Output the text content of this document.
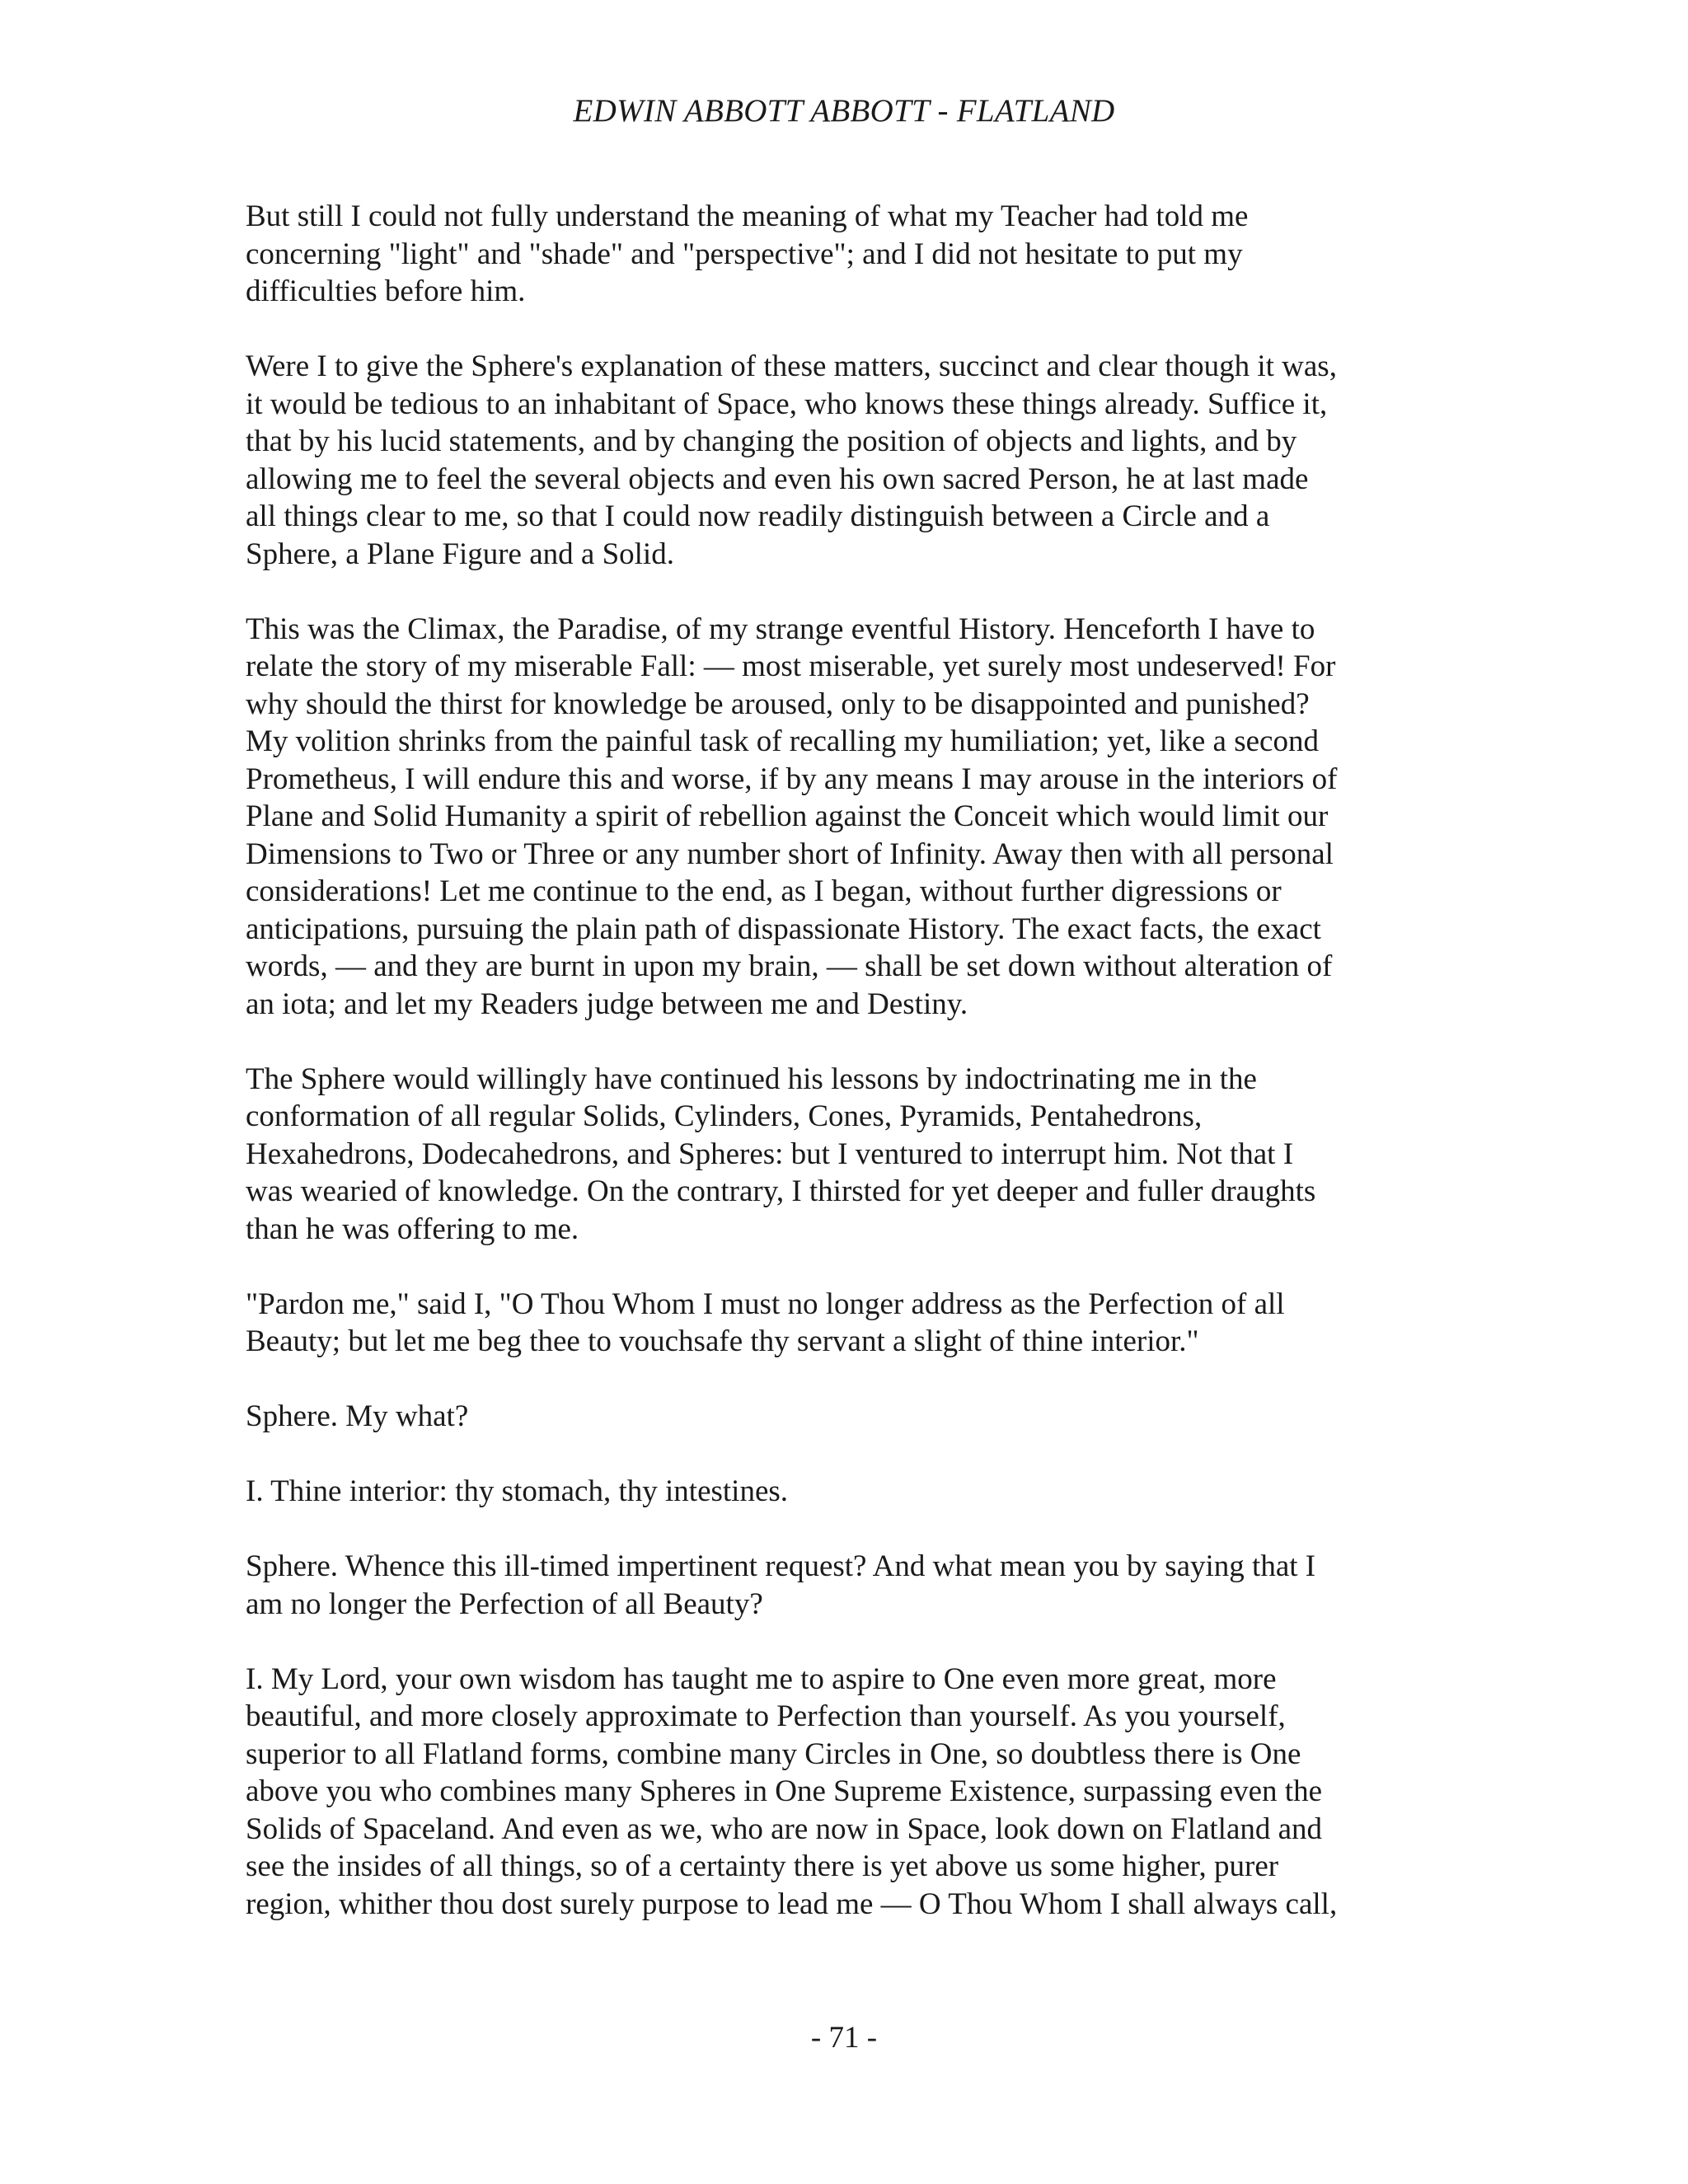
EDWIN ABBOTT ABBOTT - FLATLAND

But still I could not fully understand the meaning of what my Teacher had told me
concerning "light" and "shade" and "perspective"; and I did not hesitate to put my
difficulties before him.

Were I to give the Sphere's explanation of these matters, succinct and clear though it was,
it would be tedious to an inhabitant of Space, who knows these things already. Suffice it,
that by his lucid statements, and by changing the position of objects and lights, and by
allowing me to feel the several objects and even his own sacred Person, he at last made
all things clear to me, so that I could now readily distinguish between a Circle and a
Sphere, a Plane Figure and a Solid.

This was the Climax, the Paradise, of my strange eventful History. Henceforth I have to
relate the story of my miserable Fall: — most miserable, yet surely most undeserved! For
why should the thirst for knowledge be aroused, only to be disappointed and punished?
My volition shrinks from the painful task of recalling my humiliation; yet, like a second
Prometheus, I will endure this and worse, if by any means I may arouse in the interiors of
Plane and Solid Humanity a spirit of rebellion against the Conceit which would limit our
Dimensions to Two or Three or any number short of Infinity. Away then with all personal
considerations! Let me continue to the end, as I began, without further digressions or
anticipations, pursuing the plain path of dispassionate History. The exact facts, the exact
words, — and they are burnt in upon my brain, — shall be set down without alteration of
an iota; and let my Readers judge between me and Destiny.

The Sphere would willingly have continued his lessons by indoctrinating me in the
conformation of all regular Solids, Cylinders, Cones, Pyramids, Pentahedrons,
Hexahedrons, Dodecahedrons, and Spheres: but I ventured to interrupt him. Not that I
was wearied of knowledge. On the contrary, I thirsted for yet deeper and fuller draughts
than he was offering to me.

"Pardon me," said I, "O Thou Whom I must no longer address as the Perfection of all
Beauty; but let me beg thee to vouchsafe thy servant a slight of thine interior."

Sphere. My what?

I. Thine interior: thy stomach, thy intestines.

Sphere. Whence this ill-timed impertinent request? And what mean you by saying that I
am no longer the Perfection of all Beauty?

I. My Lord, your own wisdom has taught me to aspire to One even more great, more
beautiful, and more closely approximate to Perfection than yourself. As you yourself,
superior to all Flatland forms, combine many Circles in One, so doubtless there is One
above you who combines many Spheres in One Supreme Existence, surpassing even the
Solids of Spaceland. And even as we, who are now in Space, look down on Flatland and
see the insides of all things, so of a certainty there is yet above us some higher, purer
region, whither thou dost surely purpose to lead me — O Thou Whom I shall always call,

- 71 -
